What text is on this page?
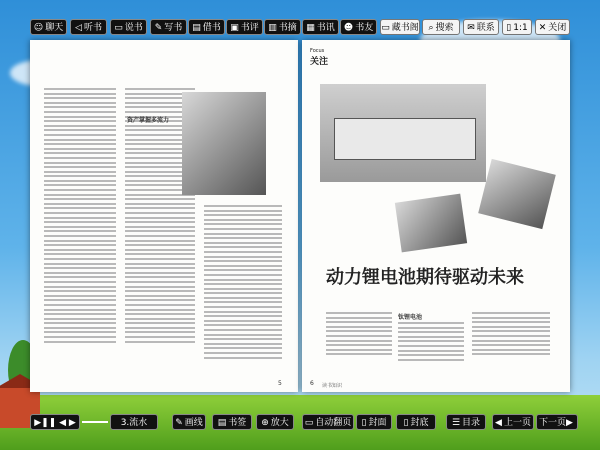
☺ 聊天	◁ 听书	▭ 说书	✎ 写书	▤ 借书	▣ 书评	▥ 书摘	▦ 书讯	☻ 书友 ▭ 藏书阁	⌕ 搜索	✉ 联系	▯ 1:1	✕ 关闭
资产掌握多流力
5
Focus
关注
动力锂电池期待驱动未来
钛锂电池
6 读书知识
▶❚❚ ◀ ▶	3.流水	✎ 画线	▤ 书签	⊕ 放大	▭ 自动翻页	▯ 封面	▯ 封底	☰ 目录	◀ 上一页 下一页▶
